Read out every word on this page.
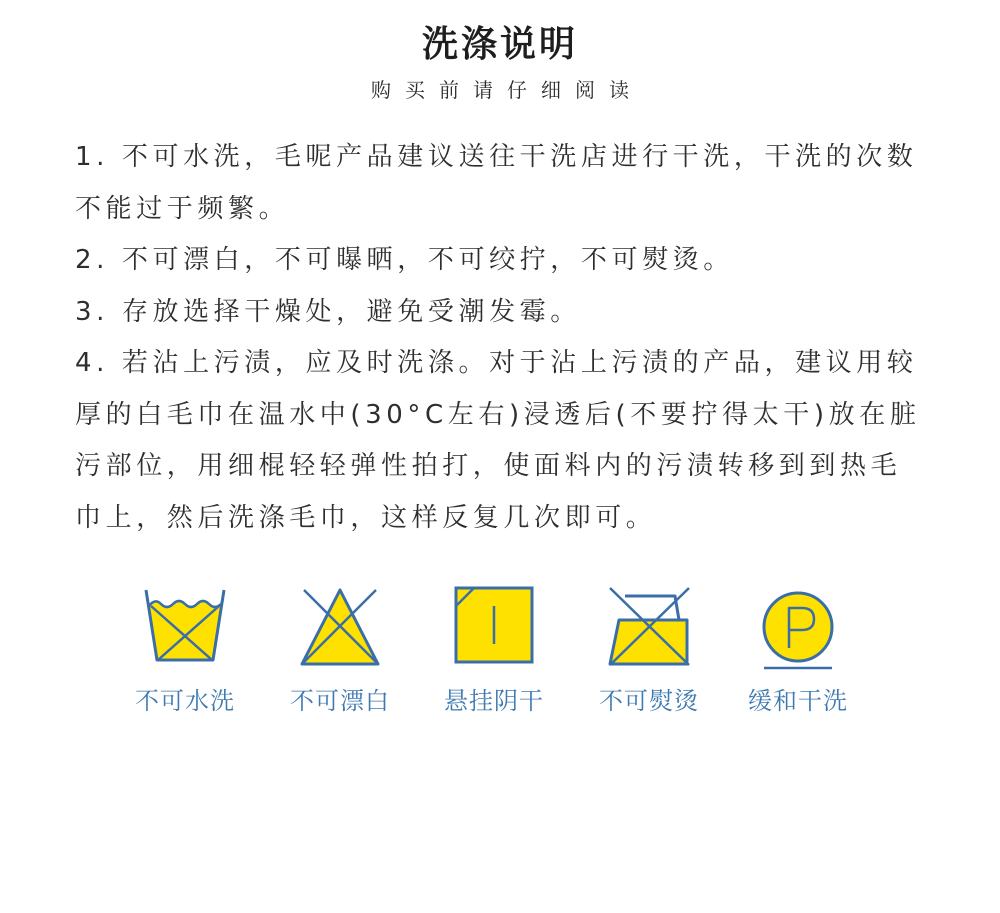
洗涤说明
购买前请仔细阅读
1. 不可水洗，毛呢产品建议送往干洗店进行干洗，干洗的次数
不能过于频繁。
2. 不可漂白，不可曝晒，不可绞拧，不可熨烫。
3. 存放选择干燥处，避免受潮发霉。
4. 若沾上污渍，应及时洗涤。对于沾上污渍的产品，建议用较
厚的白毛巾在温水中(30°C左右)浸透后(不要拧得太干)放在脏
污部位，用细棍轻轻弹性拍打，使面料内的污渍转移到到热毛
巾上，然后洗涤毛巾，这样反复几次即可。
不可水洗	不可漂白	悬挂阴干	不可熨烫	缓和干洗
